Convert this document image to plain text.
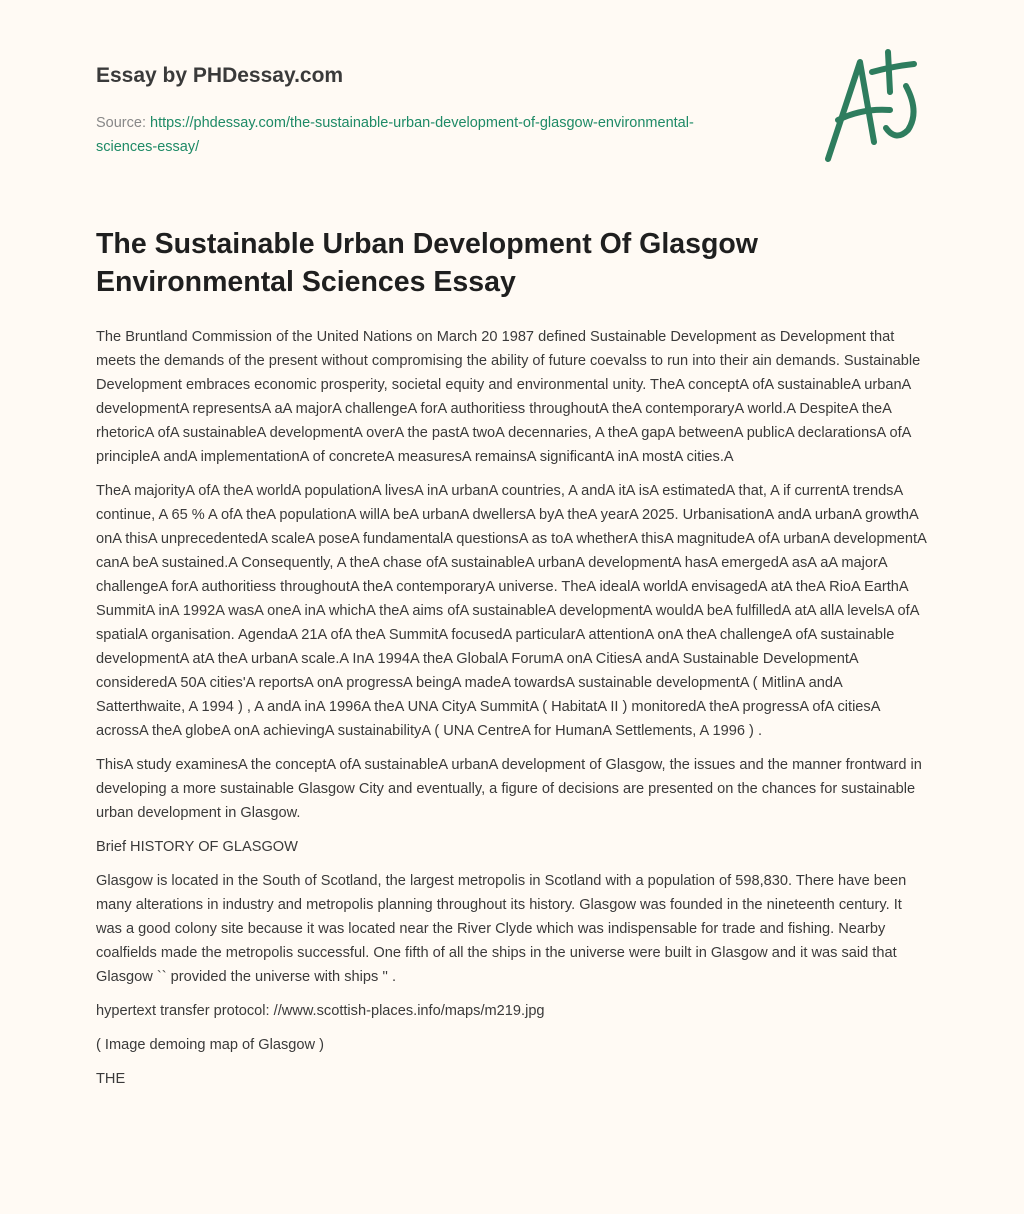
Essay by PHDessay.com
Source: https://phdessay.com/the-sustainable-urban-development-of-glasgow-environmental-sciences-essay/
The Sustainable Urban Development Of Glasgow Environmental Sciences Essay

The Bruntland Commission of the United Nations on March 20 1987 defined Sustainable Development as Development that meets the demands of the present without compromising the ability of future coevalss to run into their ain demands. Sustainable Development embraces economic prosperity, societal equity and environmental unity. TheA conceptA ofA sustainableA urbanA developmentA representsA aA majorA challengeA forA authoritiess throughoutA theA contemporaryA world.A DespiteA theA rhetoricA ofA sustainableA developmentA overA the pastA twoA decennaries, A theA gapA betweenA publicA declarationsA ofA principleA andA implementationA of concreteA measuresA remainsA significantA inA mostA cities.A

TheA majorityA ofA theA worldA populationA livesA inA urbanA countries, A andA itA isA estimatedA that, A if currentA trendsA continue, A 65 % A ofA theA populationA willA beA urbanA dwellersA byA theA yearA 2025. UrbanisationA andA urbanA growthA onA thisA unprecedentedA scaleA poseA fundamentalA questionsA as toA whetherA thisA magnitudeA ofA urbanA developmentA canA beA sustained.A Consequently, A theA chase ofA sustainableA urbanA developmentA hasA emergedA asA aA majorA challengeA forA authoritiess throughoutA theA contemporaryA universe. TheA idealA worldA envisagedA atA theA RioA EarthA SummitA inA 1992A wasA oneA inA whichA theA aims ofA sustainableA developmentA wouldA beA fulfilledA atA allA levelsA ofA spatialA organisation. AgendaA 21A ofA theA SummitA focusedA particularA attentionA onA theA challengeA ofA sustainable developmentA atA theA urbanA scale.A InA 1994A theA GlobalA ForumA onA CitiesA andA Sustainable DevelopmentA consideredA 50A cities'A reportsA onA progressA beingA madeA towardsA sustainable developmentA ( MitlinA andA Satterthwaite, A 1994 ) , A andA inA 1996A theA UNA CityA SummitA ( HabitatA II ) monitoredA theA progressA ofA citiesA acrossA theA globeA onA achievingA sustainabilityA ( UNA CentreA for HumanA Settlements, A 1996 ) .

ThisA study examinesA the conceptA ofA sustainableA urbanA development of Glasgow, the issues and the manner frontward in developing a more sustainable Glasgow City and eventually, a figure of decisions are presented on the chances for sustainable urban development in Glasgow.

Brief HISTORY OF GLASGOW

Glasgow is located in the South of Scotland, the largest metropolis in Scotland with a population of 598,830. There have been many alterations in industry and metropolis planning throughout its history. Glasgow was founded in the nineteenth century. It was a good colony site because it was located near the River Clyde which was indispensable for trade and fishing. Nearby coalfields made the metropolis successful. One fifth of all the ships in the universe were built in Glasgow and it was said that Glasgow `` provided the universe with ships '' .

hypertext transfer protocol: //www.scottish-places.info/maps/m219.jpg

( Image demoing map of Glasgow )

THE
